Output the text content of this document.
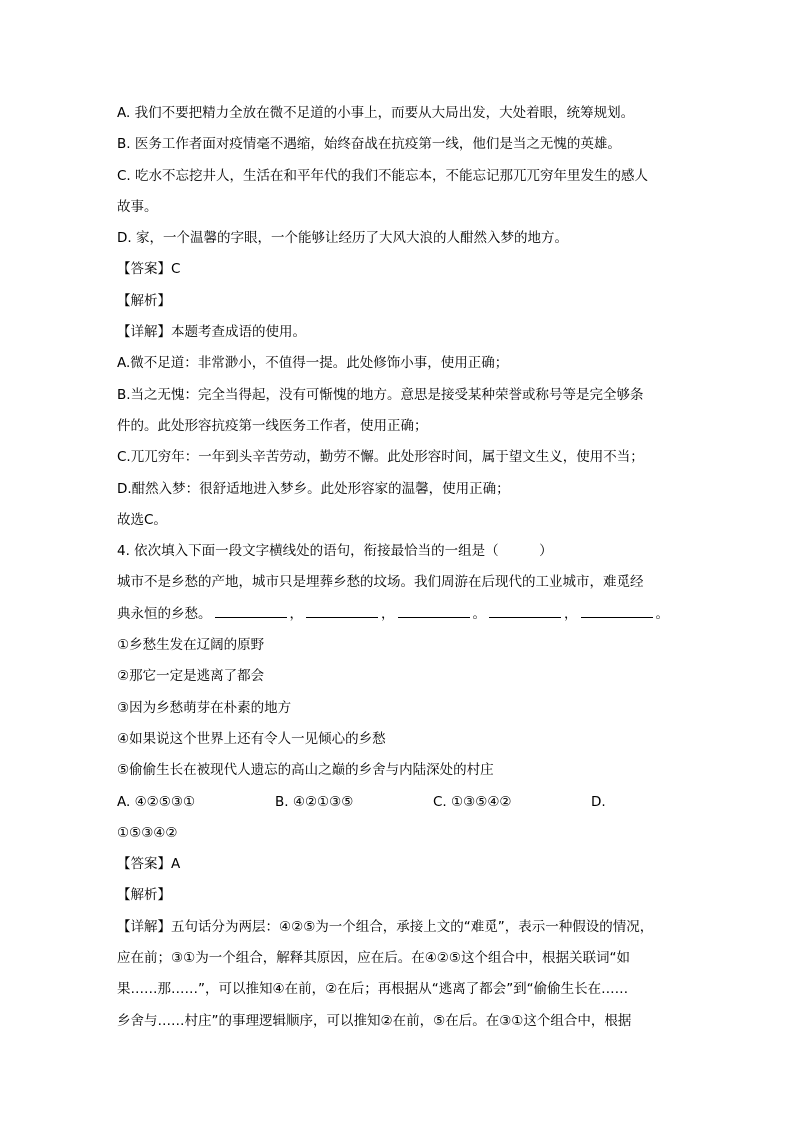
A. 我们不要把精力全放在微不足道的小事上，而要从大局出发，大处着眼，统筹规划。
B. 医务工作者面对疫情毫不遇缩，始终奋战在抗疫第一线，他们是当之无愧的英雄。
C. 吃水不忘挖井人，生活在和平年代的我们不能忘本，不能忘记那兀兀穷年里发生的感人
故事。
D. 家，一个温馨的字眼，一个能够让经历了大风大浪的人酣然入梦的地方。
【答案】C
【解析】
【详解】本题考查成语的使用。
A.微不足道：非常渺小，不值得一提。此处修饰小事，使用正确；
B.当之无愧：完全当得起，没有可惭愧的地方。意思是接受某种荣誉或称号等是完全够条
件的。此处形容抗疫第一线医务工作者，使用正确；
C.兀兀穷年：一年到头辛苦劳动，勤劳不懈。此处形容时间，属于望文生义，使用不当；
D.酣然入梦：很舒适地进入梦乡。此处形容家的温馨，使用正确；
故选C。
4. 依次填入下面一段文字横线处的语句，衔接最恰当的一组是（　　　）
城市不是乡愁的产地，城市只是埋葬乡愁的坟场。我们周游在后现代的工业城市，难觅经
典永恒的乡愁。	，	，	。	，	。
①乡愁生发在辽阔的原野
②那它一定是逃离了都会
③因为乡愁萌芽在朴素的地方
④如果说这个世界上还有令人一见倾心的乡愁
⑤偷偷生长在被现代人遗忘的高山之巅的乡舍与内陆深处的村庄
A. ④②⑤③①	B. ④②①③⑤	C. ①③⑤④②	D.
①⑤③④②
【答案】A
【解析】
【详解】五句话分为两层：④②⑤为一个组合，承接上文的“难觅”，表示一种假设的情况，
应在前；③①为一个组合，解释其原因，应在后。在④②⑤这个组合中，根据关联词“如
果……那……”，可以推知④在前，②在后；再根据从“逃离了都会”到“偷偷生长在……
乡舍与……村庄”的事理逻辑顺序，可以推知②在前，⑤在后。在③①这个组合中，根据
